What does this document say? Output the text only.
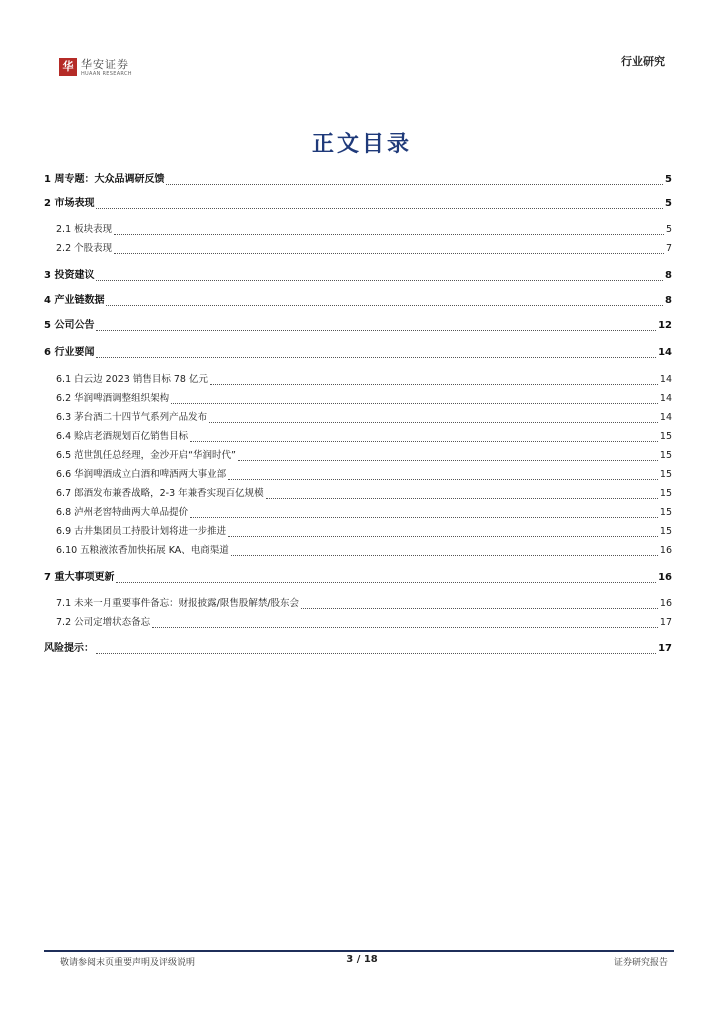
华 华安证券
HUAAN RESEARCH
行业研究
正文目录
1 周专题：大众品调研反馈	5
2 市场表现	5
2.1 板块表现	5
2.2 个股表现	7
3 投资建议	8
4 产业链数据	8
5 公司公告	12
6 行业要闻	14
6.1 白云边 2023 销售目标 78 亿元	14
6.2 华润啤酒调整组织架构	14
6.3 茅台酒二十四节气系列产品发布	14
6.4 赊店老酒规划百亿销售目标	15
6.5 范世凯任总经理，金沙开启“华润时代”	15
6.6 华润啤酒成立白酒和啤酒两大事业部	15
6.7 郎酒发布兼香战略，2-3 年兼香实现百亿规模	15
6.8 泸州老窖特曲两大单品提价	15
6.9 古井集团员工持股计划将进一步推进	15
6.10 五粮液浓香加快拓展 KA、电商渠道	16
7 重大事项更新	16
7.1 未来一月重要事件备忘：财报披露/限售股解禁/股东会	16
7.2 公司定增状态备忘	17
风险提示：	17
敬请参阅末页重要声明及评级说明	3 / 18	证券研究报告
